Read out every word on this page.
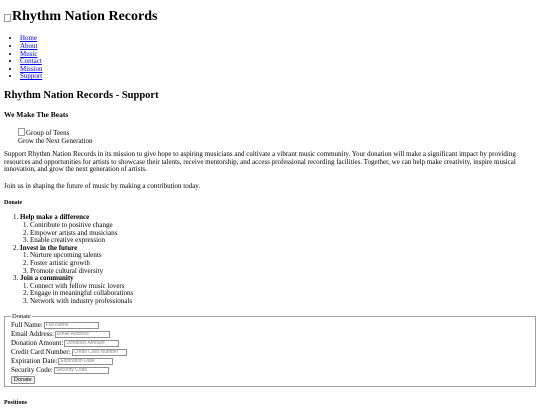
Rhythm Nation Records
• Home
• About
• Music
• Contact
• Mission
• Support
Rhythm Nation Records - Support
We Make The Beats
Group of Teens
Grow the Next Generation

Support Rhythm Nation Records in its mission to give hope to aspiring musicians and cultivate a vibrant music community. Your donation will make a significant impact by providing resources and opportunities for artists to showcase their talents, receive mentorship, and access professional recording facilities. Together, we can help make creativity, inspire musical innovation, and grow the next generation of artists.

Join us in shaping the future of music by making a contribution today.

Donate
1. Help make a difference
1. Contribute to positive change
2. Empower artists and musicians
3. Enable creative expression
2. Invest in the future
1. Nurture upcoming talents
2. Foster artistic growth
3. Promote cultural diversity
3. Join a community
1. Connect with fellow music lovers
2. Engage in meaningful collaborations
3. Network with industry professionals
Donate
Full Name:
Full Name
Email Address:
Email Address
Donation Amount:
Donation Amount
Credit Card Number:
Credit Card Number
Expiration Date:
Expiration Date
Security Code:
Security Code
Donate
Positions
